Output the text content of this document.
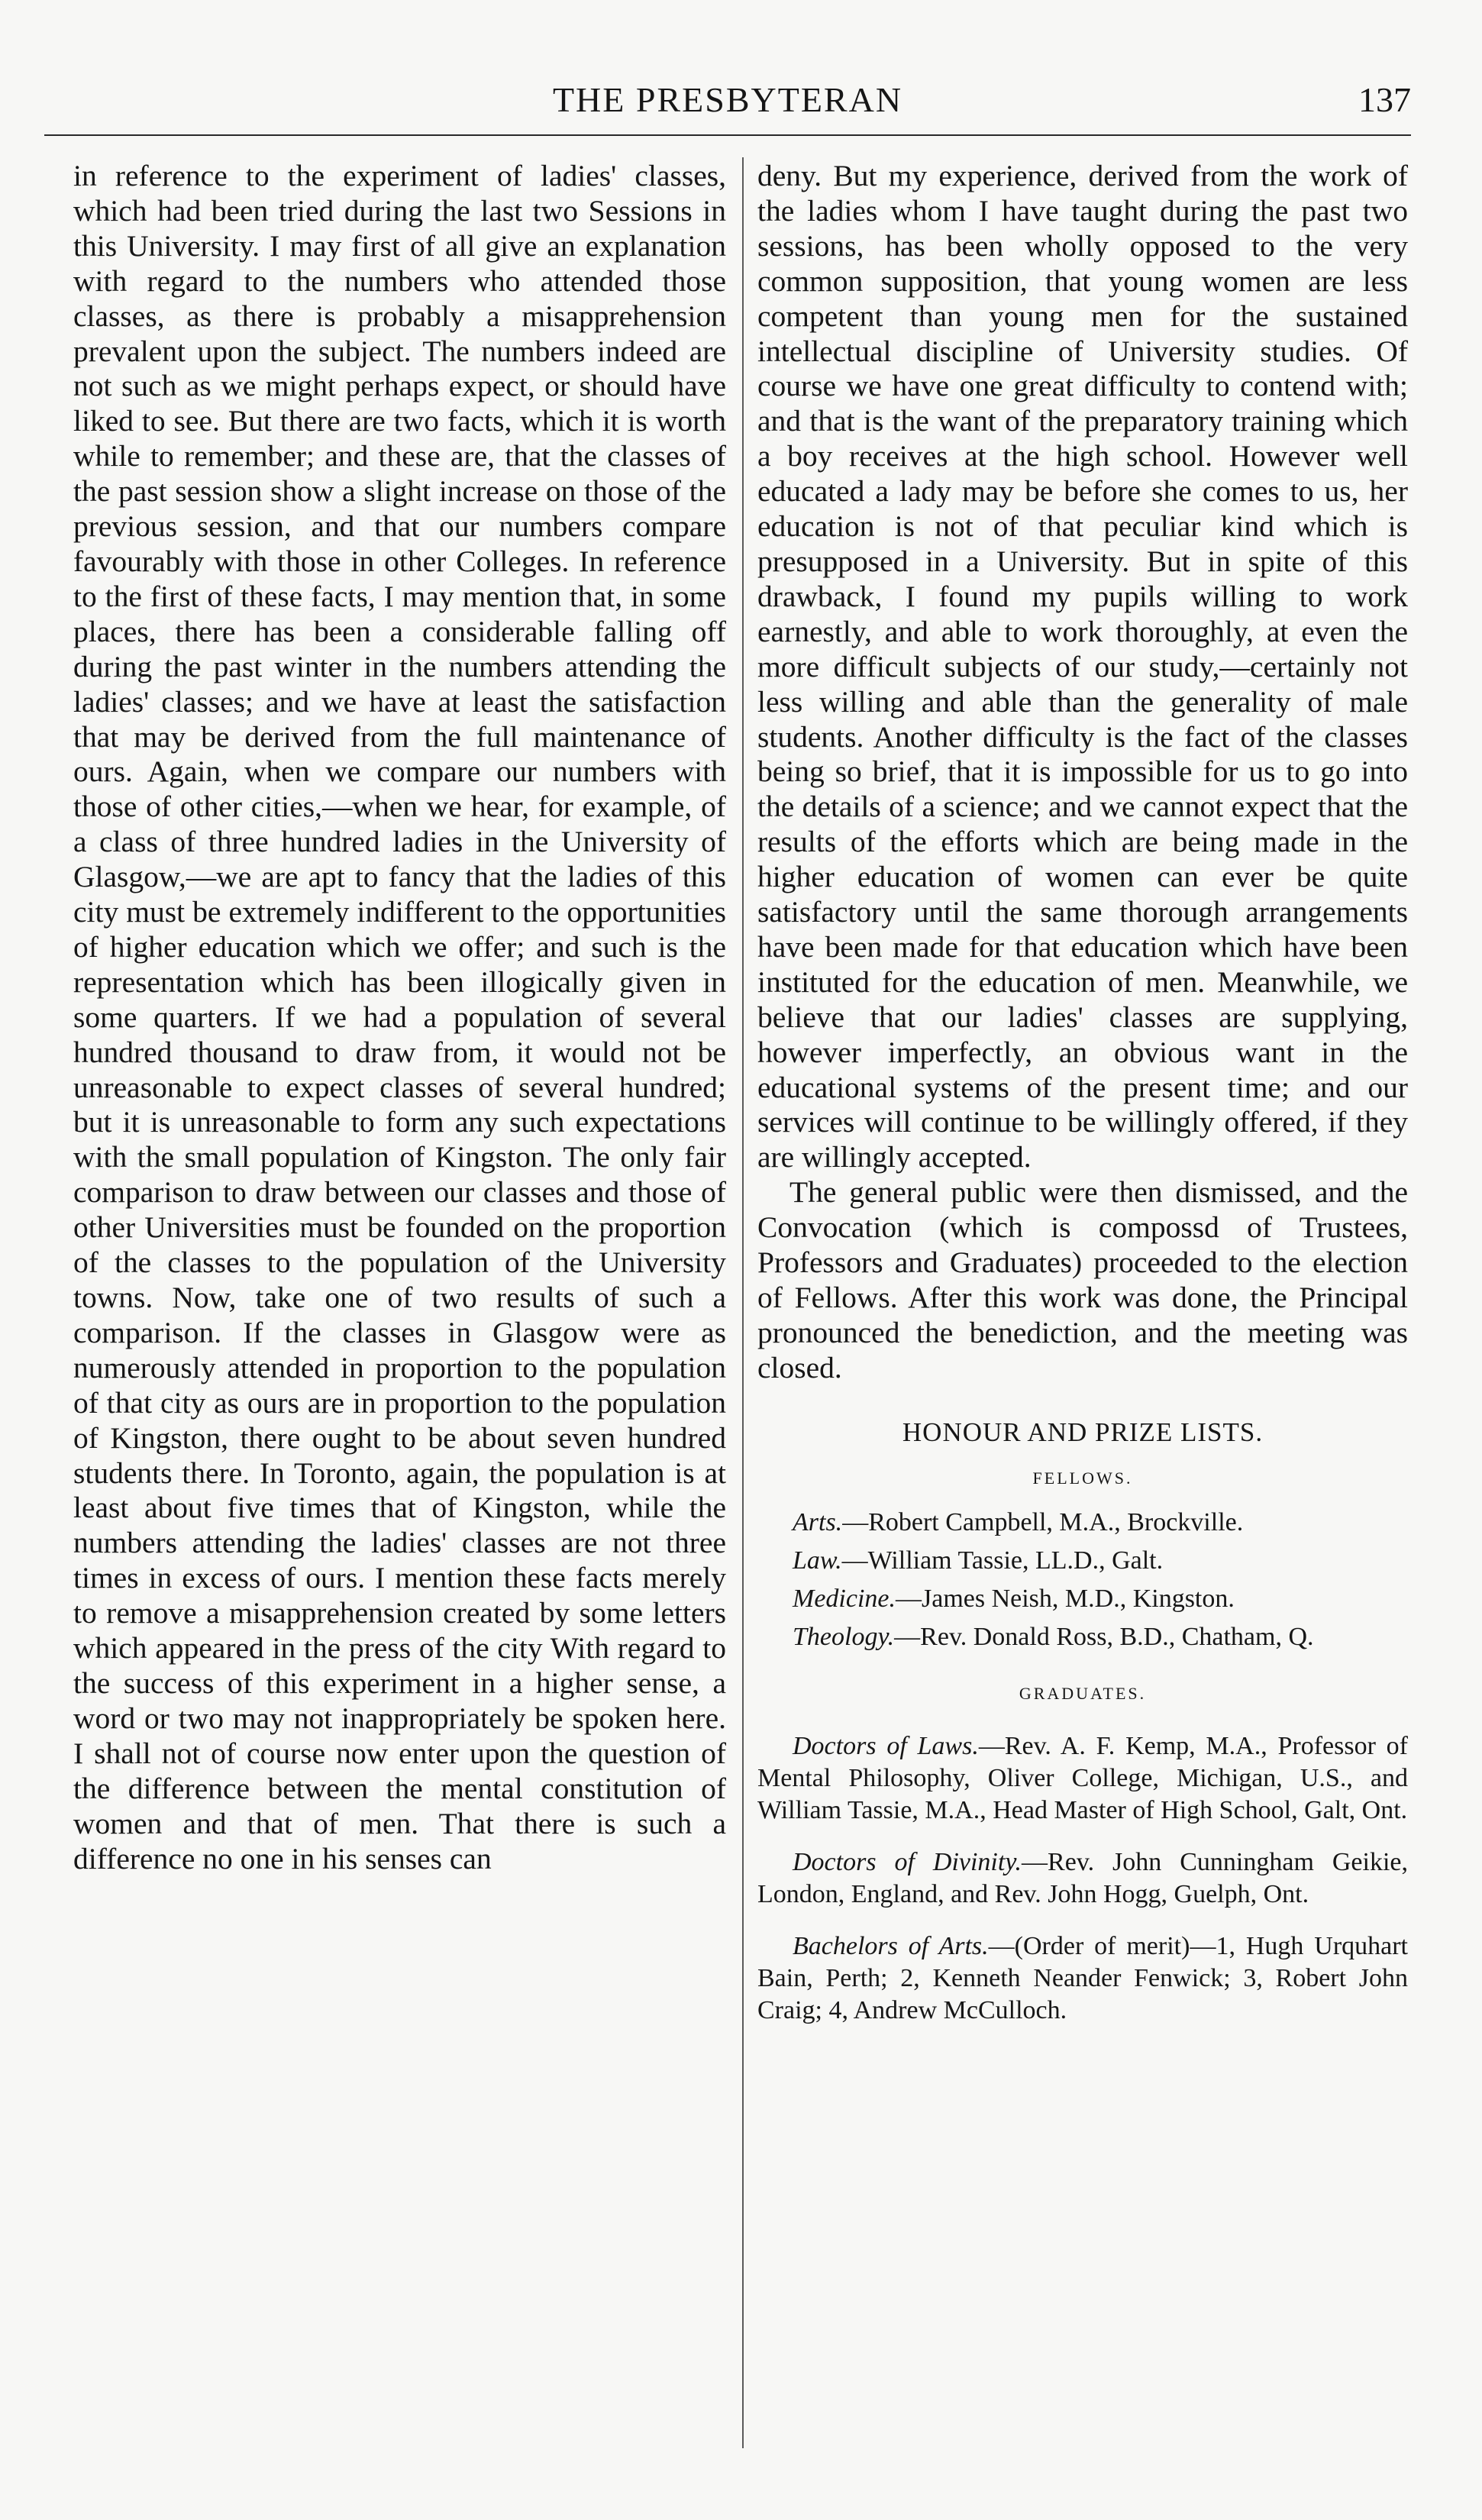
THE PRESBYTERAN	137

in reference to the experiment of ladies' classes, which had been tried during the last two Sessions in this University. I may first of all give an explanation with regard to the numbers who attended those classes, as there is probably a misapprehension prevalent upon the subject. The numbers indeed are not such as we might perhaps expect, or should have liked to see. But there are two facts, which it is worth while to remember; and these are, that the classes of the past session show a slight increase on those of the previous session, and that our numbers compare favourably with those in other Colleges. In reference to the first of these facts, I may mention that, in some places, there has been a considerable falling off during the past winter in the numbers attending the ladies' classes; and we have at least the satisfaction that may be derived from the full maintenance of ours. Again, when we compare our numbers with those of other cities,—when we hear, for example, of a class of three hundred ladies in the University of Glasgow,—we are apt to fancy that the ladies of this city must be extremely indifferent to the opportunities of higher education which we offer; and such is the representation which has been illogically given in some quarters. If we had a population of several hundred thousand to draw from, it would not be unreasonable to expect classes of several hundred; but it is unreasonable to form any such expectations with the small population of Kingston. The only fair comparison to draw between our classes and those of other Universities must be founded on the proportion of the classes to the population of the University towns. Now, take one of two results of such a comparison. If the classes in Glasgow were as numerously attended in proportion to the population of that city as ours are in proportion to the population of Kingston, there ought to be about seven hundred students there. In Toronto, again, the population is at least about five times that of Kingston, while the numbers attending the ladies' classes are not three times in excess of ours. I mention these facts merely to remove a misapprehension created by some letters which appeared in the press of the city With regard to the success of this experiment in a higher sense, a word or two may not inappropriately be spoken here. I shall not of course now enter upon the question of the difference between the mental constitution of women and that of men. That there is such a difference no one in his senses can

deny. But my experience, derived from the work of the ladies whom I have taught during the past two sessions, has been wholly opposed to the very common supposition, that young women are less competent than young men for the sustained intellectual discipline of University studies. Of course we have one great difficulty to contend with; and that is the want of the preparatory training which a boy receives at the high school. However well educated a lady may be before she comes to us, her education is not of that peculiar kind which is presupposed in a University. But in spite of this drawback, I found my pupils willing to work earnestly, and able to work thoroughly, at even the more difficult subjects of our study,—certainly not less willing and able than the generality of male students. Another difficulty is the fact of the classes being so brief, that it is impossible for us to go into the details of a science; and we cannot expect that the results of the efforts which are being made in the higher education of women can ever be quite satisfactory until the same thorough arrangements have been made for that education which have been instituted for the education of men. Meanwhile, we believe that our ladies' classes are supplying, however imperfectly, an obvious want in the educational systems of the present time; and our services will continue to be willingly offered, if they are willingly accepted.

The general public were then dismissed, and the Convocation (which is compossd of Trustees, Professors and Graduates) proceeded to the election of Fellows. After this work was done, the Principal pronounced the benediction, and the meeting was closed.

HONOUR AND PRIZE LISTS.
FELLOWS.

Arts.—Robert Campbell, M.A., Brockville.

Law.—William Tassie, LL.D., Galt.

Medicine.—James Neish, M.D., Kingston.

Theology.—Rev. Donald Ross, B.D., Chatham, Q.

GRADUATES.

Doctors of Laws.—Rev. A. F. Kemp, M.A., Professor of Mental Philosophy, Oliver College, Michigan, U.S., and William Tassie, M.A., Head Master of High School, Galt, Ont.

Doctors of Divinity.—Rev. John Cunningham Geikie, London, England, and Rev. John Hogg, Guelph, Ont.

Bachelors of Arts.—(Order of merit)—1, Hugh Urquhart Bain, Perth; 2, Kenneth Neander Fenwick; 3, Robert John Craig; 4, Andrew McCulloch.
